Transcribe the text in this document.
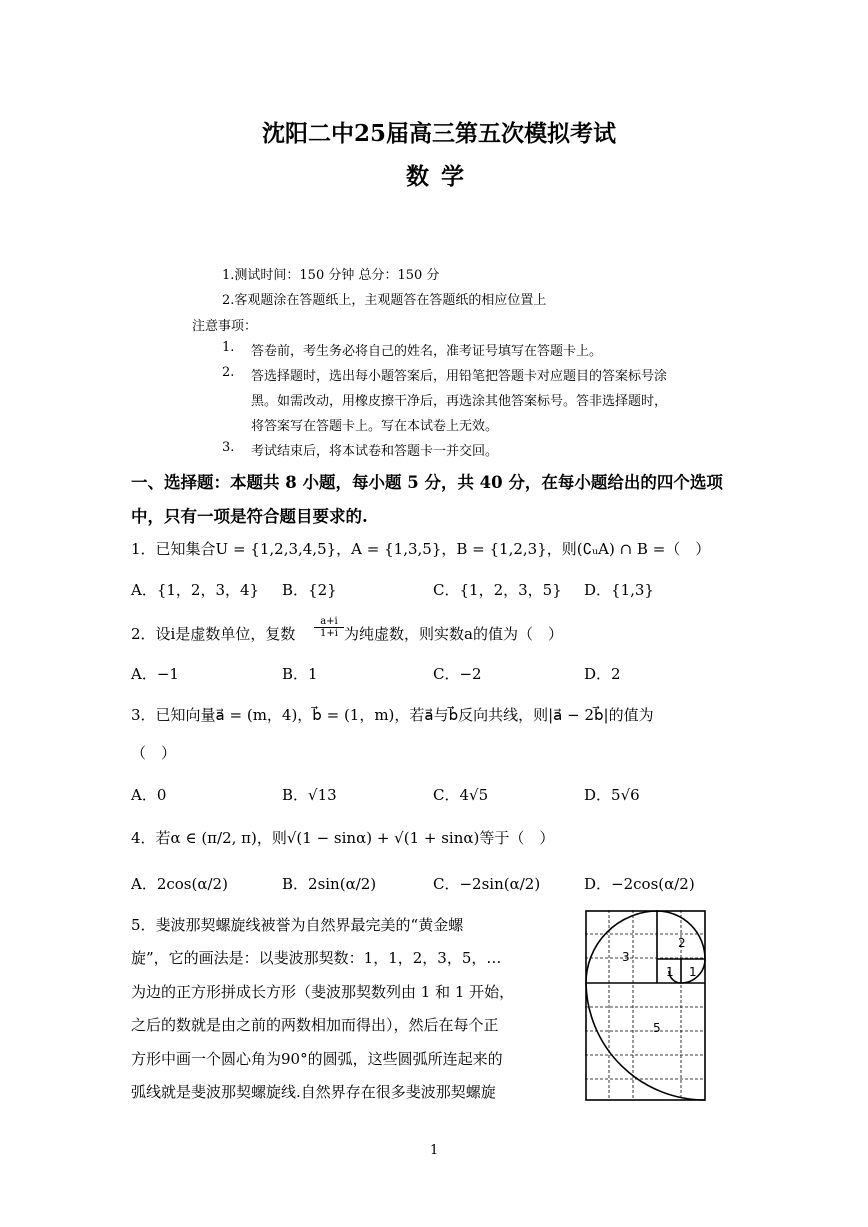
沈阳二中25届高三第五次模拟考试
数学
1.测试时间：150 分钟 总分：150 分
2.客观题涂在答题纸上，主观题答在答题纸的相应位置上
注意事项：
1. 答卷前，考生务必将自己的姓名，准考证号填写在答题卡上。
2. 答选择题时，选出每小题答案后，用铅笔把答题卡对应题目的答案标号涂
黑。如需改动，用橡皮擦干净后，再选涂其他答案标号。答非选择题时，
将答案写在答题卡上。写在本试卷上无效。
3. 考试结束后，将本试卷和答题卡一并交回。
一、选择题：本题共 8 小题，每小题 5 分，共 40 分，在每小题给出的四个选项
中，只有一项是符合题目要求的.
1．已知集合U = {1,2,3,4,5}，A = {1,3,5}，B = {1,2,3}，则(∁ᵤA) ∩ B =（　）
A．{1，2，3，4} B．{2}	C．{1，2，3，5} D．{1,3}
2．设i是虚数单位，复数 $\frac{a+i}{1+i}$ 为纯虚数，则实数a的值为（　）
A．−1	B．1	C．−2	D．2
3．已知向量a⃗ = (m，4)，b⃗ = (1，m)，若a⃗与b⃗反向共线，则|a⃗ − 2b⃗|的值为
（　）
A．0	B．√13	C．4√5	D．5√6
4．若α ∈ (π/2, π)，则√(1 − sinα) + √(1 + sinα)等于（　）
A．2cos(α/2)	B．2sin(α/2)	C．−2sin(α/2)	D．−2cos(α/2)
5．斐波那契螺旋线被誉为自然界最完美的“黄金螺
旋”，它的画法是：以斐波那契数：1，1，2，3，5，…
为边的正方形拼成长方形（斐波那契数列由 1 和 1 开始，
之后的数就是由之前的两数相加而得出），然后在每个正
方形中画一个圆心角为90°的圆弧，这些圆弧所连起来的
弧线就是斐波那契螺旋线.自然界存在很多斐波那契螺旋
2
3
1 1
5
1
